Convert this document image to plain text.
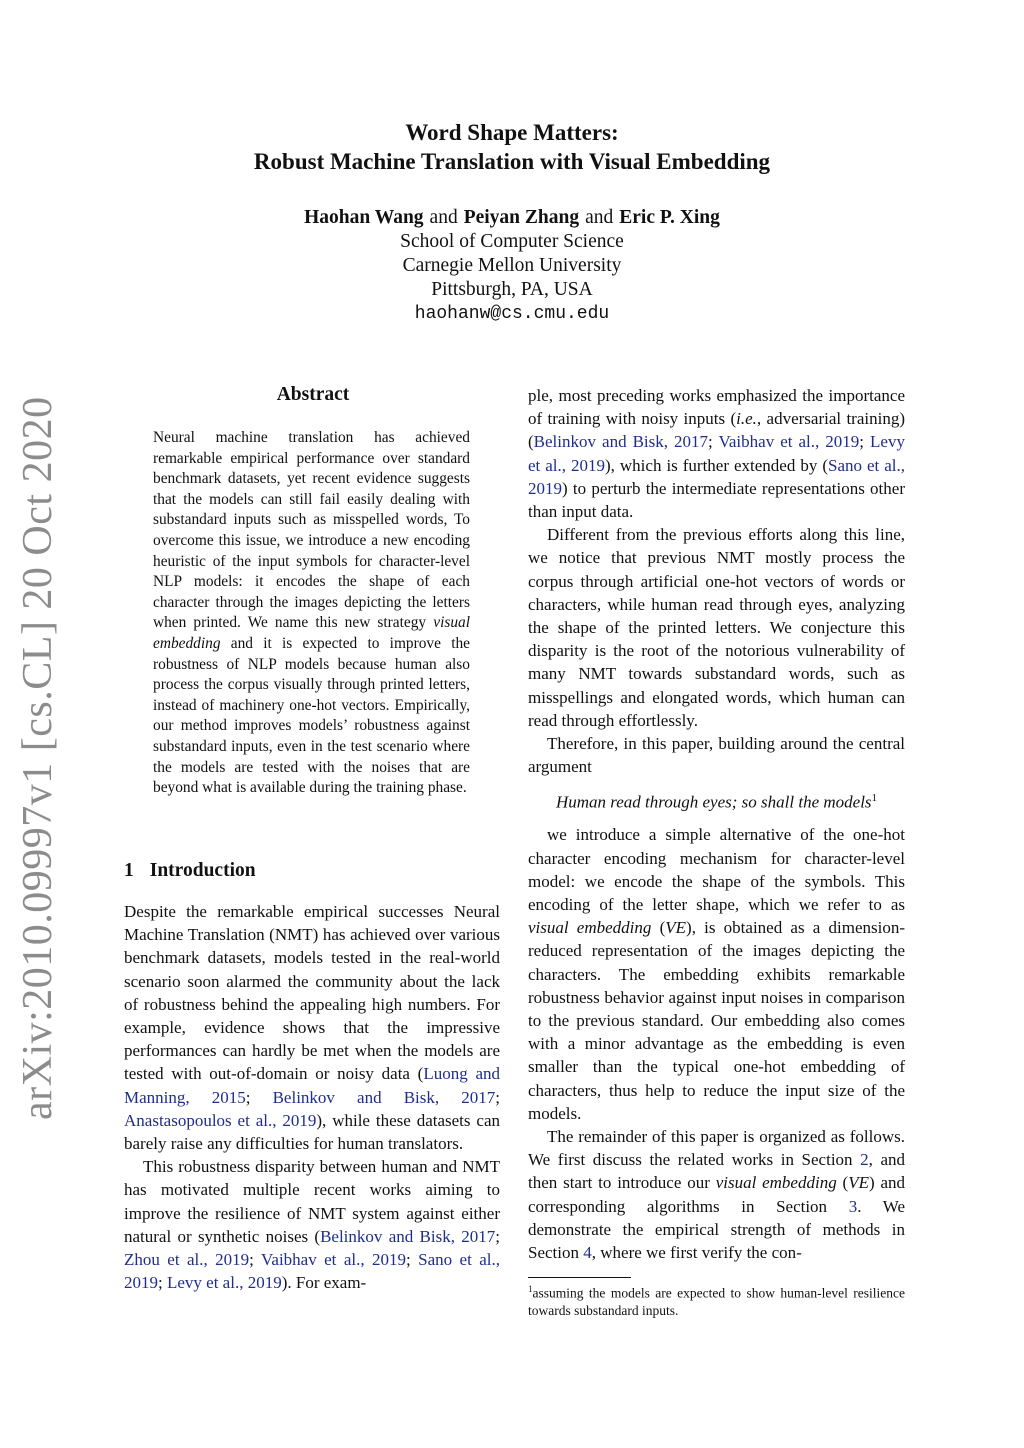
arXiv:2010.09997v1 [cs.CL] 20 Oct 2020
Word Shape Matters:
Robust Machine Translation with Visual Embedding
Haohan Wang and Peiyan Zhang and Eric P. Xing
School of Computer Science
Carnegie Mellon University
Pittsburgh, PA, USA
haohanw@cs.cmu.edu
Abstract

Neural machine translation has achieved remarkable empirical performance over standard benchmark datasets, yet recent evidence suggests that the models can still fail easily dealing with substandard inputs such as misspelled words, To overcome this issue, we introduce a new encoding heuristic of the input symbols for character-level NLP models: it encodes the shape of each character through the images depicting the letters when printed. We name this new strategy visual embedding and it is expected to improve the robustness of NLP models because human also process the corpus visually through printed letters, instead of machinery one-hot vectors. Empirically, our method improves models’ robustness against substandard inputs, even in the test scenario where the models are tested with the noises that are beyond what is available during the training phase.

1 Introduction

Despite the remarkable empirical successes Neural Machine Translation (NMT) has achieved over various benchmark datasets, models tested in the real-world scenario soon alarmed the community about the lack of robustness behind the appealing high numbers. For example, evidence shows that the impressive performances can hardly be met when the models are tested with out-of-domain or noisy data (Luong and Manning, 2015; Belinkov and Bisk, 2017; Anastasopoulos et al., 2019), while these datasets can barely raise any difficulties for human translators.

This robustness disparity between human and NMT has motivated multiple recent works aiming to improve the resilience of NMT system against either natural or synthetic noises (Belinkov and Bisk, 2017; Zhou et al., 2019; Vaibhav et al., 2019; Sano et al., 2019; Levy et al., 2019). For exam-

ple, most preceding works emphasized the importance of training with noisy inputs (i.e., adversarial training) (Belinkov and Bisk, 2017; Vaibhav et al., 2019; Levy et al., 2019), which is further extended by (Sano et al., 2019) to perturb the intermediate representations other than input data.

Different from the previous efforts along this line, we notice that previous NMT mostly process the corpus through artificial one-hot vectors of words or characters, while human read through eyes, analyzing the shape of the printed letters. We conjecture this disparity is the root of the notorious vulnerability of many NMT towards substandard words, such as misspellings and elongated words, which human can read through effortlessly.

Therefore, in this paper, building around the central argument

Human read through eyes; so shall the models$^1$

we introduce a simple alternative of the one-hot character encoding mechanism for character-level model: we encode the shape of the symbols. This encoding of the letter shape, which we refer to as visual embedding (VE), is obtained as a dimension-reduced representation of the images depicting the characters. The embedding exhibits remarkable robustness behavior against input noises in comparison to the previous standard. Our embedding also comes with a minor advantage as the embedding is even smaller than the typical one-hot embedding of characters, thus help to reduce the input size of the models.

The remainder of this paper is organized as follows. We first discuss the related works in Section 2, and then start to introduce our visual embedding (VE) and corresponding algorithms in Section 3. We demonstrate the empirical strength of methods in Section 4, where we first verify the con-

$^1$assuming the models are expected to show human-level resilience towards substandard inputs.
